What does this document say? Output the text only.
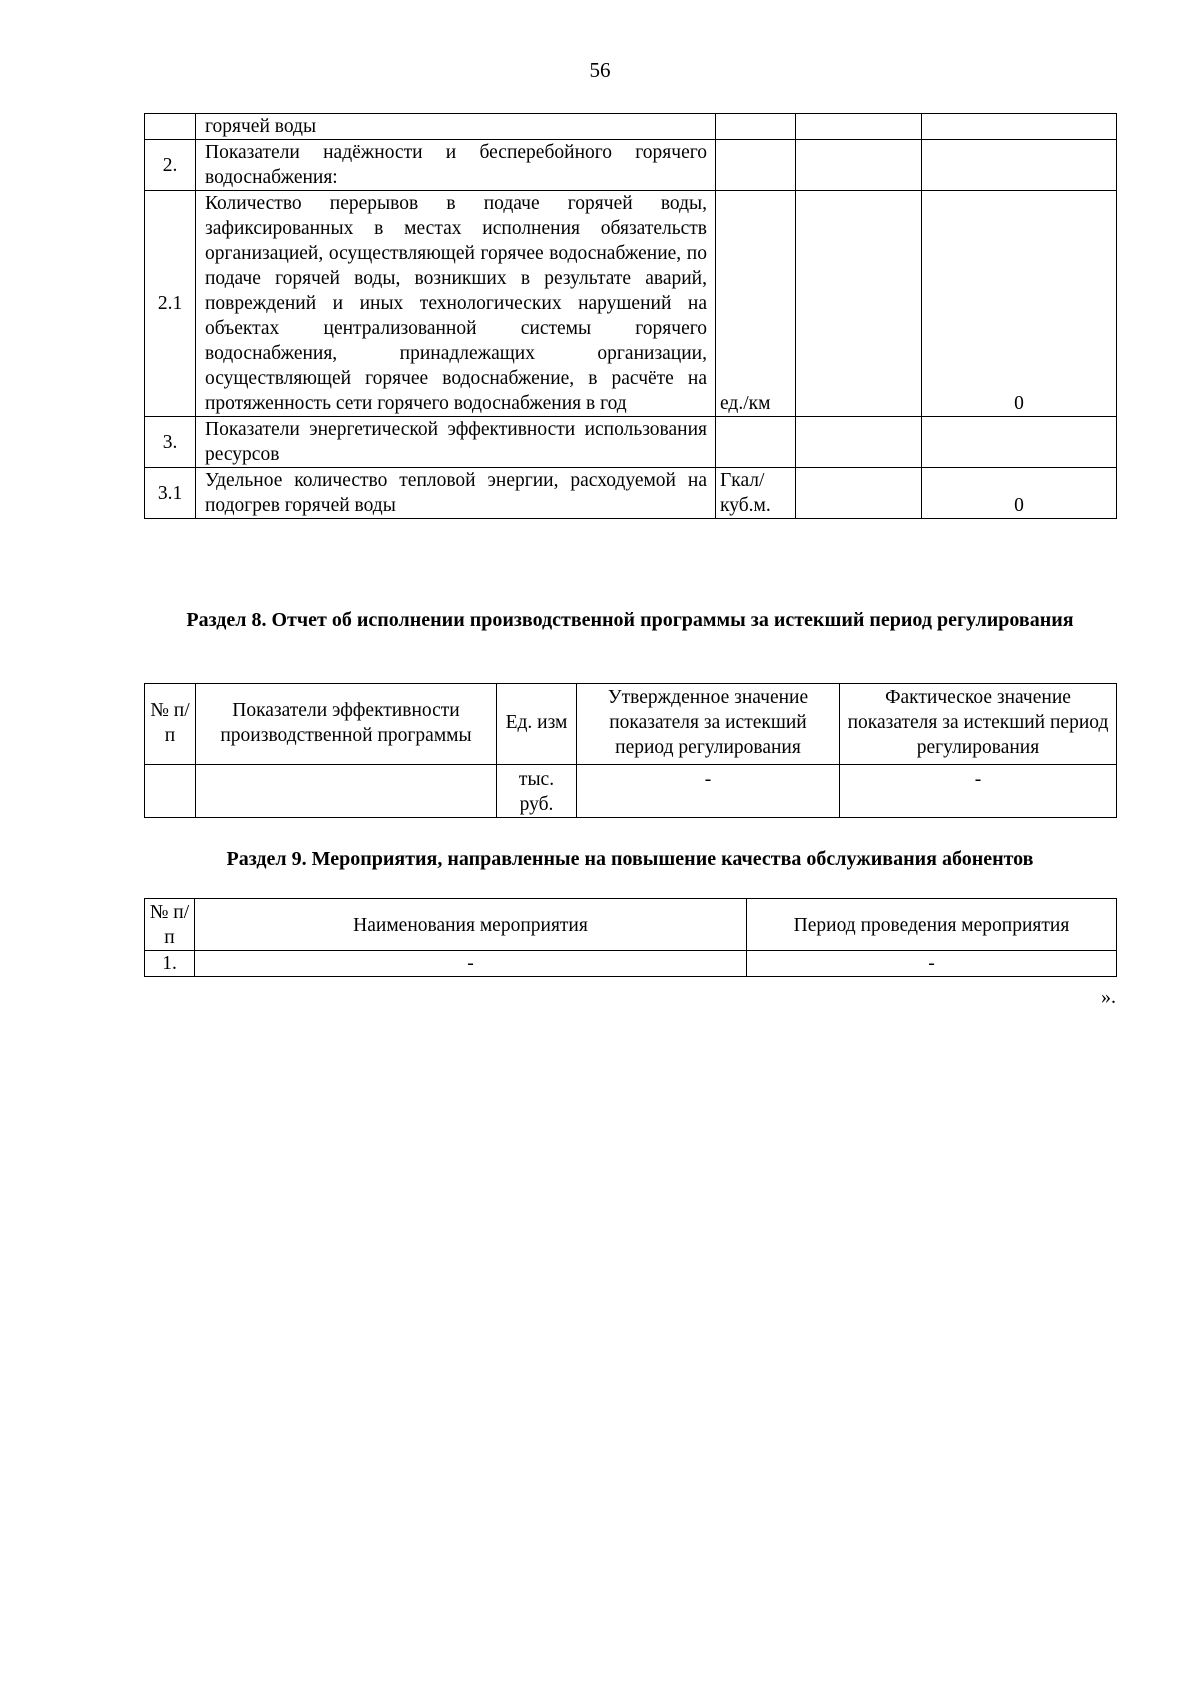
56
	горячей воды			
2.	Показатели надёжности и бесперебойного горячего водоснабжения:			
2.1	Количество перерывов в подаче горячей воды, зафиксированных в местах исполнения обязательств организацией, осуществляющей горячее водоснабжение, по подаче горячей воды, возникших в результате аварий, повреждений и иных технологических нарушений на объектах централизованной системы горячего водоснабжения, принадлежащих организации, осуществляющей горячее водоснабжение, в расчёте на протяженность сети горячего водоснабжения в год	ед./км		0
3.	Показатели энергетической эффективности использования ресурсов			
3.1	Удельное количество тепловой энергии, расходуемой на подогрев горячей воды	Гкал/ куб.м.		0
Раздел 8. Отчет об исполнении производственной программы за истекший период регулирования
№ п/п	Показатели эффективности производственной программы	Ед. изм	Утвержденное значение показателя за истекший период регулирования	Фактическое значение показателя за истекший период регулирования
		тыс. руб.	-	-
Раздел 9. Мероприятия, направленные на повышение качества обслуживания абонентов
№ п/п	Наименования мероприятия	Период проведения мероприятия
1.	-	-
».
